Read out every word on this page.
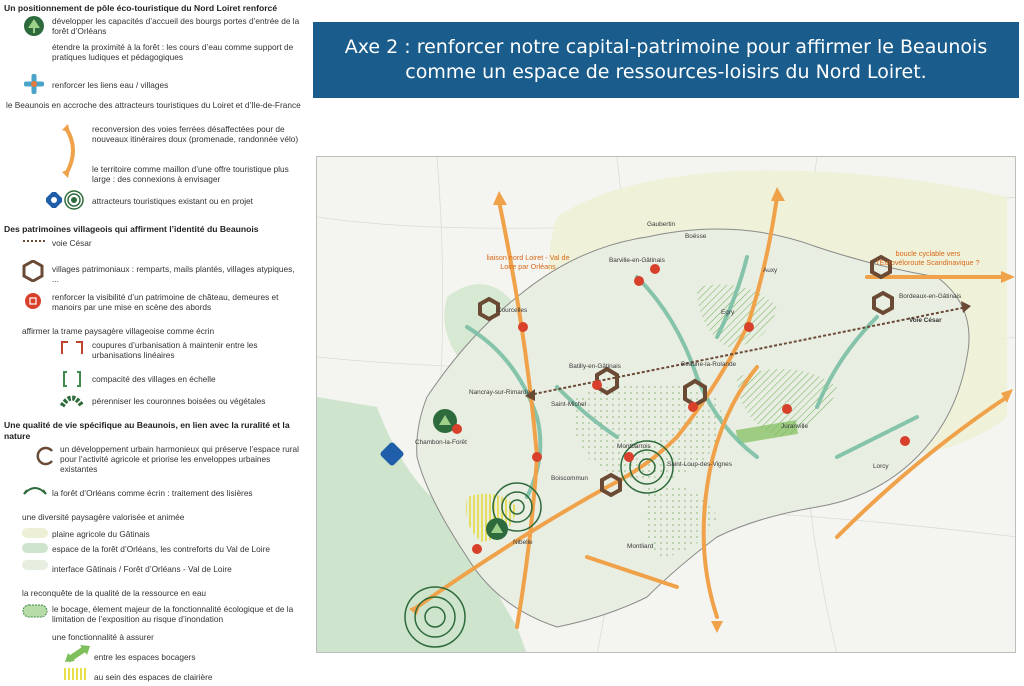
Un positionnement de pôle éco-touristique du Nord Loiret renforcé
développer les capacités d’accueil des bourgs portes d’entrée de la forêt d’Orléans
étendre la proximité à la forêt : les cours d’eau comme support de pratiques ludiques et pédagogiques
renforcer les liens eau / villages
le Beaunois en accroche des attracteurs touristiques du Loiret et d’Ile-de-France
reconversion des voies ferrées désaffectées pour de nouveaux itinéraires doux (promenade, randonnée vélo)
le territoire comme maillon d’une offre touristique plus large : des connexions à envisager
attracteurs touristiques existant ou en projet
Des patrimoines villageois qui affirment l’identité du Beaunois
voie César
villages patrimoniaux : remparts, mails plantés, villages atypiques, ...
renforcer la visibilité d’un patrimoine de château, demeures et manoirs par une mise en scène des abords
affirmer la trame paysagère villageoise comme écrin
coupures d’urbanisation à maintenir entre les urbanisations linéaires
compacité des villages en échelle
pérenniser les couronnes boisées ou végétales
Une qualité de vie spécifique au Beaunois, en lien avec la ruralité et la nature
un développement urbain harmonieux qui préserve l’espace rural pour l’activité agricole et priorise les enveloppes urbaines existantes
la forêt d’Orléans comme écrin : traitement des lisières
une diversité paysagère valorisée et animée
plaine agricole du Gâtinais
espace de la forêt d’Orléans, les contreforts du Val de Loire
interface Gâtinais / Forêt d’Orléans - Val de Loire
la reconquête de la qualité de la ressource en eau
le bocage, élement majeur de la fonctionnalité écologique et de la limitation de l’exposition au risque d’inondation
une fonctionnalité à assurer
entre les espaces bocagers
au sein des espaces de clairière
Axe 2 : renforcer notre capital-patrimoine pour affirmer le Beaunois
comme un espace de ressources-loisirs du Nord Loiret.
liaison nord Loiret - Val de Loire par Orléans
boucle cyclable vers l’Eurovéloroute Scandinavique ?
Voie César
Gaubertin
Boësse
Barville-en-Gâtinais
Auxy
Egry
Courcelles
Batilly-en-Gâtinais	Beaune-la-Rolande
Bordeaux-en-Gâtinais
Nancray-sur-Rimarde
Saint-Michel
Chambon-la-Forêt
Montbarrois
Saint-Loup-des-Vignes
Boiscommun
Juranville
Lorcy
Nibelle
Montliard
